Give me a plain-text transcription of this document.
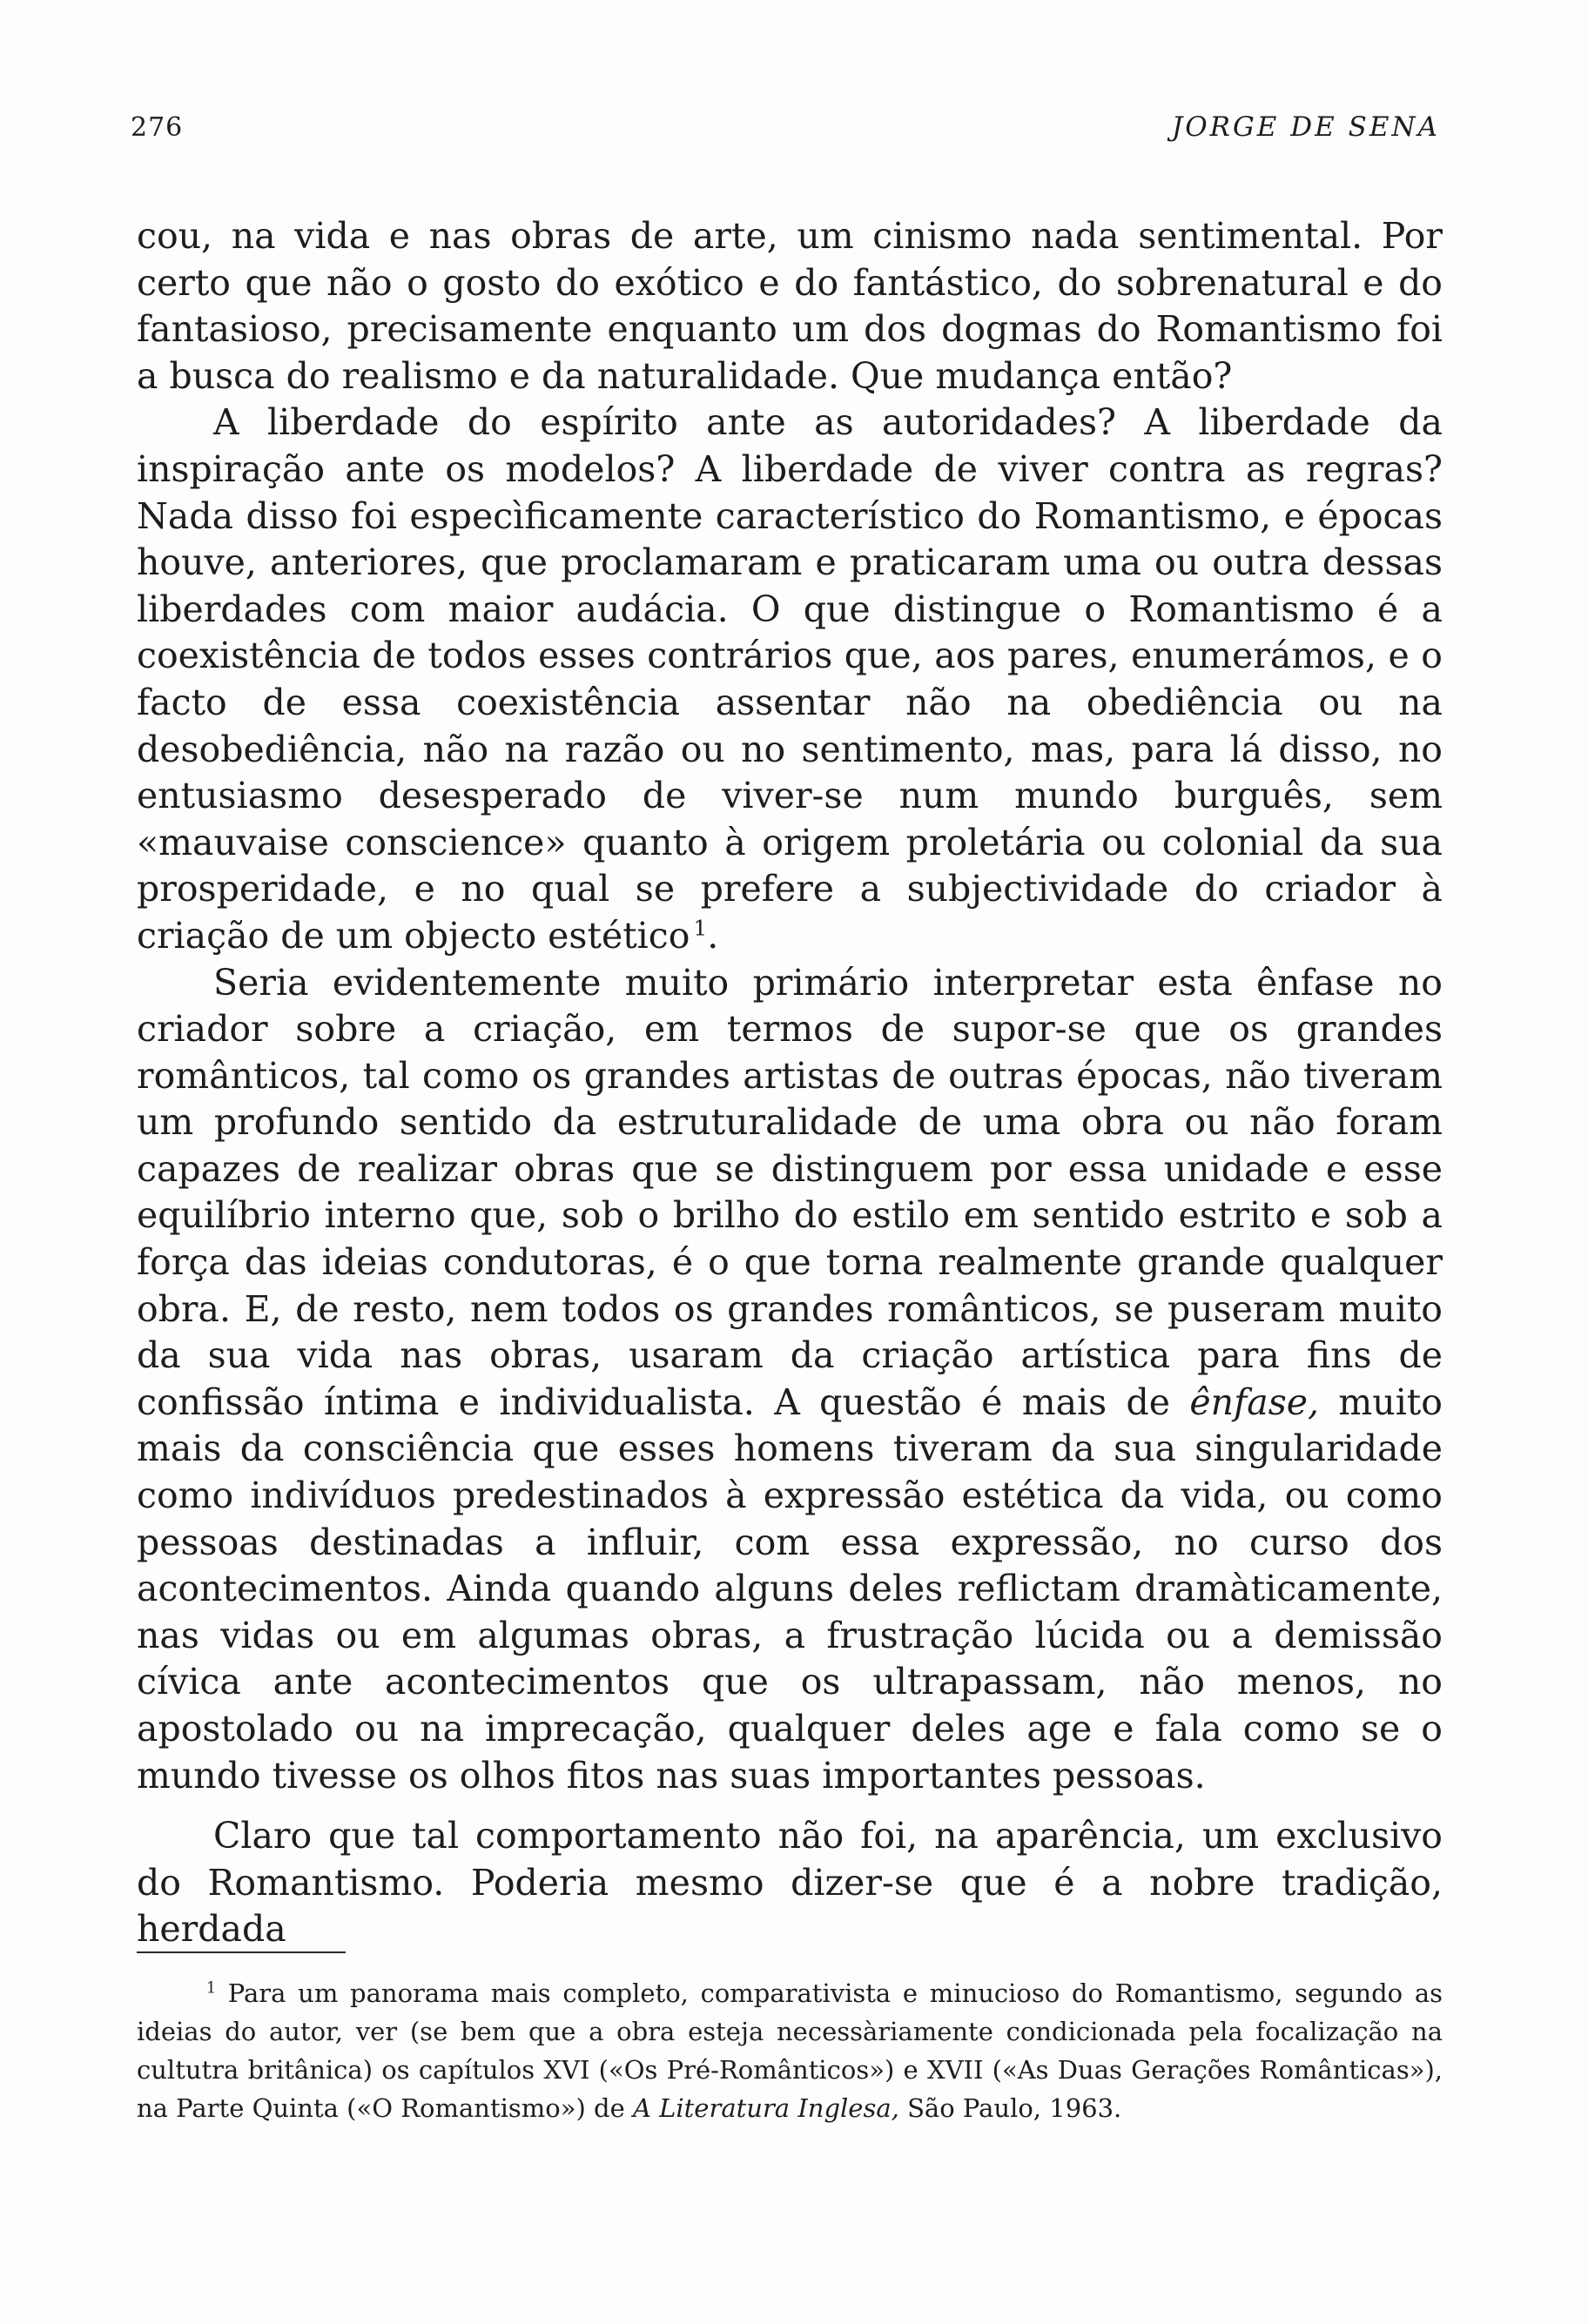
276	JORGE DE SENA

cou, na vida e nas obras de arte, um cinismo nada sentimental. Por certo que não o gosto do exótico e do fantástico, do sobrenatural e do fantasioso, precisamente enquanto um dos dogmas do Romantismo foi a busca do realismo e da naturalidade. Que mudança então?

A liberdade do espírito ante as autoridades? A liberdade da inspiração ante os modelos? A liberdade de viver contra as regras? Nada disso foi especìficamente característico do Romantismo, e épocas houve, anteriores, que proclamaram e praticaram uma ou outra dessas liberdades com maior audácia. O que distingue o Romantismo é a coexistência de todos esses contrários que, aos pares, enumerámos, e o facto de essa coexistência assentar não na obediência ou na desobediência, não na razão ou no sentimento, mas, para lá disso, no entusiasmo desesperado de viver-se num mundo burguês, sem «mauvaise conscience» quanto à origem proletária ou colonial da sua prosperidade, e no qual se prefere a subjectividade do criador à criação de um objecto estético  $^1$.

Seria evidentemente muito primário interpretar esta ênfase no criador sobre a criação, em termos de supor-se que os grandes românticos, tal como os grandes artistas de outras épocas, não tiveram um profundo sentido da estruturalidade de uma obra ou não foram capazes de realizar obras que se distinguem por essa unidade e esse equilíbrio interno que, sob o brilho do estilo em sentido estrito e sob a força das ideias condutoras, é o que torna realmente grande qualquer obra. E, de resto, nem todos os grandes românticos, se puseram muito da sua vida nas obras, usaram da criação artística para fins de confissão íntima e individualista. A questão é mais de ênfase, muito mais da consciência que esses homens tiveram da sua singularidade como indivíduos predestinados à expressão estética da vida, ou como pessoas destinadas a influir, com essa expressão, no curso dos acontecimentos. Ainda quando alguns deles reflictam dramàticamente, nas vidas ou em algumas obras, a frustração lúcida ou a demissão cívica ante acontecimentos que os ultrapassam, não menos, no apostolado ou na imprecação, qualquer deles age e fala como se o mundo tivesse os olhos fitos nas suas importantes pessoas.

Claro que tal comportamento não foi, na aparência, um exclusivo do Romantismo. Poderia mesmo dizer-se que é a nobre tradição, herdada

$^1$ Para um panorama mais completo, comparativista e minucioso do Romantismo, segundo as ideias do autor, ver (se bem que a obra esteja necessàriamente condicionada pela focalização na cultutra britânica) os capítulos XVI («Os Pré-Românticos») e XVII («As Duas Gerações Românticas»), na Parte Quinta («O Romantismo») de A Literatura Inglesa, São Paulo, 1963.
